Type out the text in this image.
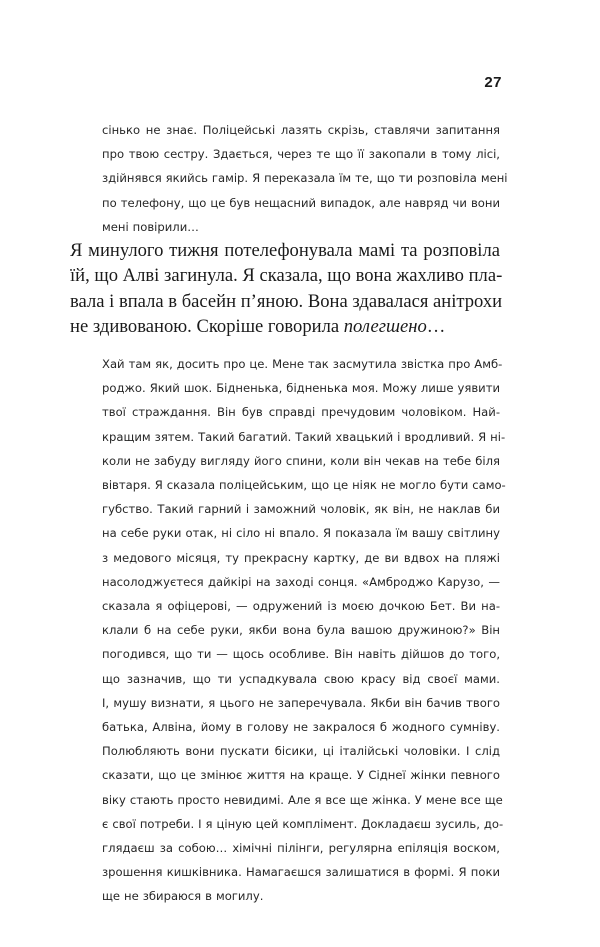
27

сінько не знає. Поліцейські лазять скрізь, ставлячи запитання

про твою сестру. Здається, через те що її закопали в тому лісі,

здійнявся якийсь гамір. Я переказала їм те, що ти розповіла мені

по телефону, що це був нещасний випадок, але навряд чи вони

мені повірили…

Я минулого тижня потелефонувала мамі та розповіла

їй, що Алві загинула. Я сказала, що вона жахливо пла-

вала і впала в басейн п’яною. Вона здавалася анітрохи

не здивованою. Скоріше говорила полегшено…

Хай там як, досить про це. Мене так засмутила звістка про Амб-

роджо. Який шок. Бідненька, бідненька моя. Можу лише уявити

твої страждання. Він був справді пречудовим чоловіком. Най-

кращим зятем. Такий багатий. Такий хвацький і вродливий. Я ні-

коли не забуду вигляду його спини, коли він чекав на тебе біля

вівтаря. Я сказала поліцейським, що це ніяк не могло бути само-

губство. Такий гарний і заможний чоловік, як він, не наклав би

на себе руки отак, ні сіло ні впало. Я показала їм вашу світлину

з медового місяця, ту прекрасну картку, де ви вдвох на пляжі

насолоджуєтеся дайкірі на заході сонця. «Амброджо Карузо, —

сказала я офіцерові, — одружений із моєю дочкою Бет. Ви на-

клали б на себе руки, якби вона була вашою дружиною?» Він

погодився, що ти — щось особливе. Він навіть дійшов до того,

що зазначив, що ти успадкувала свою красу від своєї мами.

І, мушу визнати, я цього не заперечувала. Якби він бачив твого

батька, Алвіна, йому в голову не закралося б жодного сумніву.

Полюбляють вони пускати бісики, ці італійські чоловіки. І слід

сказати, що це змінює життя на краще. У Сіднеї жінки певного

віку стають просто невидимі. Але я все ще жінка. У мене все ще

є свої потреби. І я ціную цей комплімент. Докладаєш зусиль, до-

глядаєш за собою… хімічні пілінги, регулярна епіляція воском,

зрошення кишківника. Намагаєшся залишатися в формі. Я поки

ще не збираюся в могилу.
